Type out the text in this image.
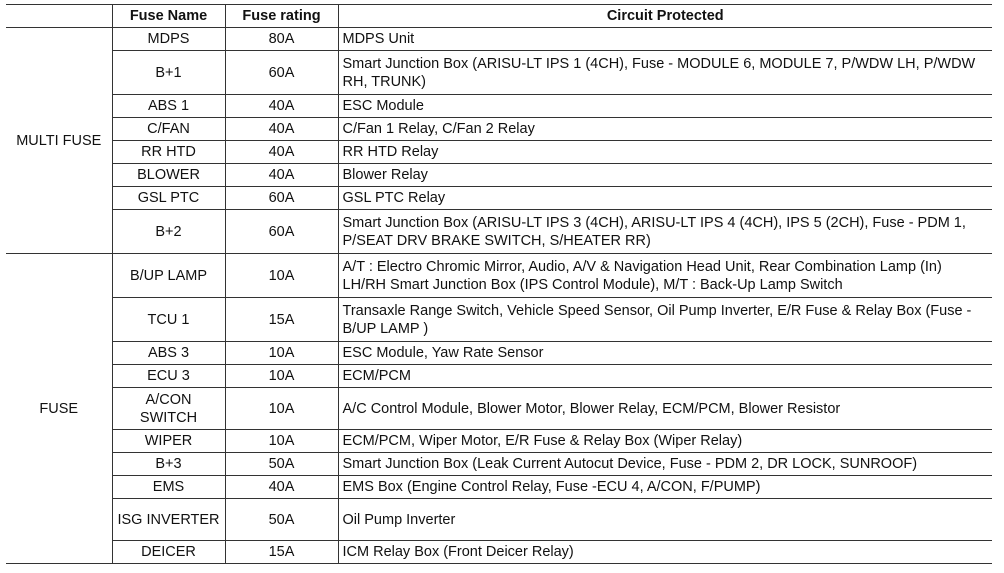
	Fuse Name	Fuse rating	Circuit Protected
MULTI FUSE	MDPS	80A	MDPS Unit
	B+1	60A	Smart Junction Box (ARISU-LT IPS 1 (4CH), Fuse - MODULE 6, MODULE 7, P/WDW LH, P/WDW RH, TRUNK)
	ABS 1	40A	ESC Module
	C/FAN	40A	C/Fan 1 Relay, C/Fan 2 Relay
	RR HTD	40A	RR HTD Relay
	BLOWER	40A	Blower Relay
	GSL PTC	60A	GSL PTC Relay
	B+2	60A	Smart Junction Box (ARISU-LT IPS 3 (4CH), ARISU-LT IPS 4 (4CH), IPS 5 (2CH), Fuse - PDM 1, P/SEAT DRV BRAKE SWITCH, S/HEATER RR)
FUSE	B/UP LAMP	10A	A/T : Electro Chromic Mirror, Audio, A/V & Navigation Head Unit, Rear Combination Lamp (In) LH/RH Smart Junction Box (IPS Control Module), M/T : Back-Up Lamp Switch
	TCU 1	15A	Transaxle Range Switch, Vehicle Speed Sensor, Oil Pump Inverter, E/R Fuse & Relay Box (Fuse - B/UP LAMP )
	ABS 3	10A	ESC Module, Yaw Rate Sensor
	ECU 3	10A	ECM/PCM
	A/CON SWITCH	10A	A/C Control Module, Blower Motor, Blower Relay, ECM/PCM, Blower Resistor
	WIPER	10A	ECM/PCM, Wiper Motor, E/R Fuse & Relay Box (Wiper Relay)
	B+3	50A	Smart Junction Box (Leak Current Autocut Device, Fuse - PDM 2, DR LOCK, SUNROOF)
	EMS	40A	EMS Box (Engine Control Relay, Fuse -ECU 4, A/CON, F/PUMP)
	ISG INVERTER	50A	Oil Pump Inverter
	DEICER	15A	ICM Relay Box (Front Deicer Relay)
